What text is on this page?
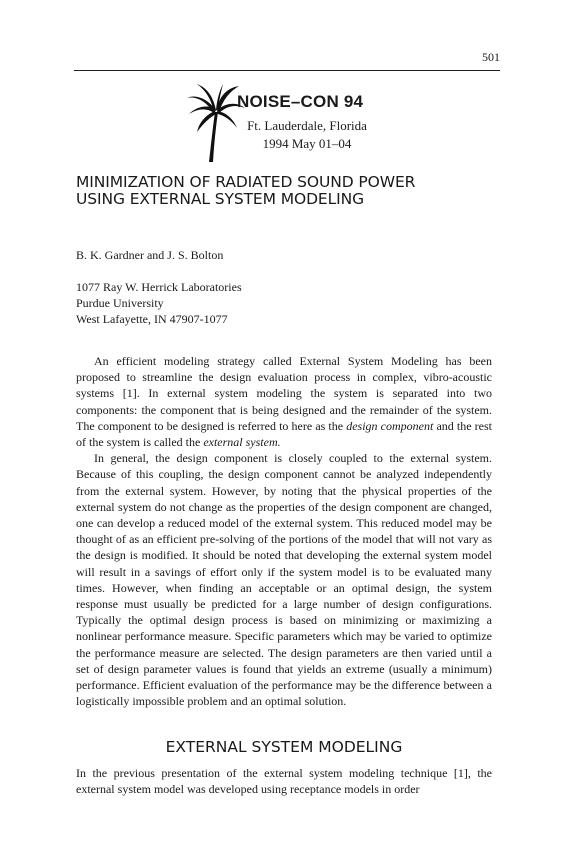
501
NOISE–CON 94
Ft. Lauderdale, Florida
1994 May 01–04
MINIMIZATION OF RADIATED SOUND POWER
USING EXTERNAL SYSTEM MODELING
B. K. Gardner and J. S. Bolton
1077 Ray W. Herrick Laboratories
Purdue University
West Lafayette, IN 47907-1077

An efficient modeling strategy called External System Modeling has been proposed to streamline the design evaluation process in complex, vibro-acoustic systems [1]. In external system modeling the system is separated into two components: the component that is being designed and the remainder of the system. The component to be designed is referred to here as the design component and the rest of the system is called the external system.

In general, the design component is closely coupled to the external system. Because of this coupling, the design component cannot be analyzed independently from the external system. However, by noting that the physical properties of the external system do not change as the properties of the design component are changed, one can develop a reduced model of the external system. This reduced model may be thought of as an efficient pre-solving of the portions of the model that will not vary as the design is modified. It should be noted that developing the external system model will result in a savings of effort only if the system model is to be evaluated many times. However, when finding an acceptable or an optimal design, the system response must usually be predicted for a large number of design configurations. Typically the optimal design process is based on minimizing or maximizing a nonlinear performance measure. Specific parameters which may be varied to optimize the performance measure are selected. The design parameters are then varied until a set of design parameter values is found that yields an extreme (usually a minimum) performance. Efficient evaluation of the performance may be the difference between a logistically impossible problem and an optimal solution.

EXTERNAL SYSTEM MODELING

In the previous presentation of the external system modeling technique [1], the external system model was developed using receptance models in order
